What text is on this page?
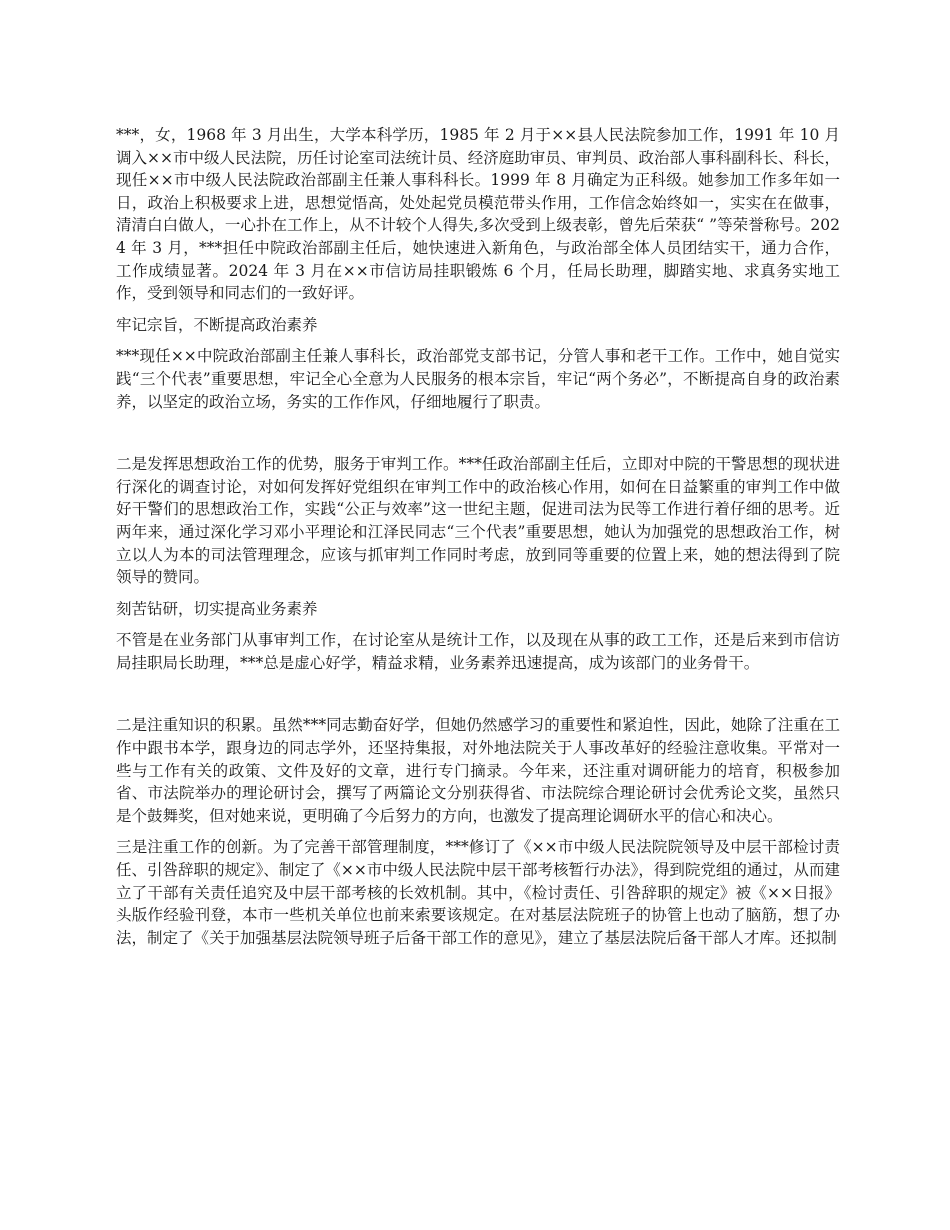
***，女，1968 年 3 月出生，大学本科学历，1985 年 2 月于××县人民法院参加工作，1991 年 10 月调入××市中级人民法院，历任讨论室司法统计员、经济庭助审员、审判员、政治部人事科副科长、科长，现任××市中级人民法院政治部副主任兼人事科科长。1999 年 8 月确定为正科级。她参加工作多年如一日，政治上积极要求上进，思想觉悟高，处处起党员模范带头作用，工作信念始终如一，实实在在做事，清清白白做人，一心扑在工作上，从不计较个人得失,多次受到上级表彰，曾先后荣获“ ”等荣誉称号。2024 年 3 月，***担任中院政治部副主任后，她快速进入新角色，与政治部全体人员团结实干，通力合作，工作成绩显著。2024 年 3 月在××市信访局挂职锻炼 6 个月，任局长助理，脚踏实地、求真务实地工作，受到领导和同志们的一致好评。

牢记宗旨，不断提高政治素养

***现任××中院政治部副主任兼人事科长，政治部党支部书记，分管人事和老干工作。工作中，她自觉实践“三个代表”重要思想，牢记全心全意为人民服务的根本宗旨，牢记“两个务必”，不断提高自身的政治素养，以坚定的政治立场，务实的工作作风，仔细地履行了职责。

二是发挥思想政治工作的优势，服务于审判工作。***任政治部副主任后，立即对中院的干警思想的现状进行深化的调查讨论，对如何发挥好党组织在审判工作中的政治核心作用，如何在日益繁重的审判工作中做好干警们的思想政治工作，实践“公正与效率”这一世纪主题，促进司法为民等工作进行着仔细的思考。近两年来，通过深化学习邓小平理论和江泽民同志“三个代表”重要思想，她认为加强党的思想政治工作，树立以人为本的司法管理理念，应该与抓审判工作同时考虑，放到同等重要的位置上来，她的想法得到了院领导的赞同。

刻苦钻研，切实提高业务素养

不管是在业务部门从事审判工作，在讨论室从是统计工作，以及现在从事的政工工作，还是后来到市信访局挂职局长助理，***总是虚心好学，精益求精，业务素养迅速提高，成为该部门的业务骨干。

二是注重知识的积累。虽然***同志勤奋好学，但她仍然感学习的重要性和紧迫性，因此，她除了注重在工作中跟书本学，跟身边的同志学外，还坚持集报，对外地法院关于人事改革好的经验注意收集。平常对一些与工作有关的政策、文件及好的文章，进行专门摘录。今年来，还注重对调研能力的培育，积极参加省、市法院举办的理论研讨会，撰写了两篇论文分别获得省、市法院综合理论研讨会优秀论文奖，虽然只是个鼓舞奖，但对她来说，更明确了今后努力的方向，也激发了提高理论调研水平的信心和决心。

三是注重工作的创新。为了完善干部管理制度，***修订了《××市中级人民法院院领导及中层干部检讨责任、引咎辞职的规定》、制定了《××市中级人民法院中层干部考核暂行办法》，得到院党组的通过，从而建立了干部有关责任追究及中层干部考核的长效机制。其中，《检讨责任、引咎辞职的规定》被《××日报》头版作经验刊登，本市一些机关单位也前来索要该规定。在对基层法院班子的协管上也动了脑筋，想了办法，制定了《关于加强基层法院领导班子后备干部工作的意见》，建立了基层法院后备干部人才库。还拟制
